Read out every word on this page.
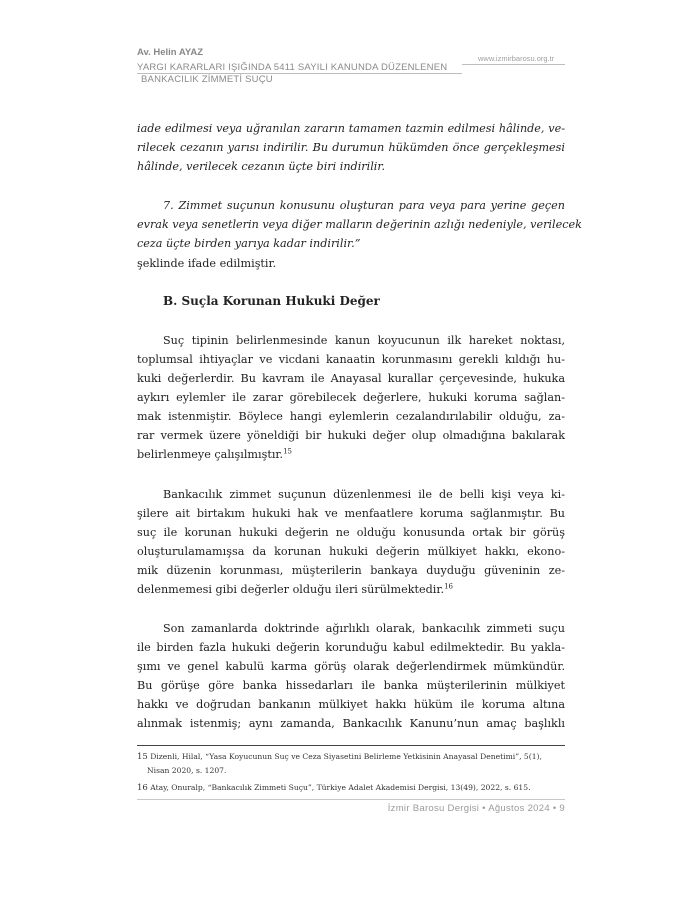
Av. Helin AYAZ
YARGI KARARLARI IŞIĞINDA 5411 SAYILI KANUNDA DÜZENLENEN
BANKACILIK ZİMMETİ SUÇU
www.izmirbarosu.org.tr
iade edilmesi veya uğranılan zararın tamamen tazmin edilmesi hâlinde, ve-
rilecek cezanın yarısı indirilir. Bu durumun hükümden önce gerçekleşmesi
hâlinde, verilecek cezanın üçte biri indirilir.
7. Zimmet suçunun konusunu oluşturan para veya para yerine geçen
evrak veya senetlerin veya diğer malların değerinin azlığı nedeniyle, verilecek
ceza üçte birden yarıya kadar indirilir.”
şeklinde ifade edilmiştir.
B. Suçla Korunan Hukuki Değer
Suç tipinin belirlenmesinde kanun koyucunun ilk hareket noktası,
toplumsal ihtiyaçlar ve vicdani kanaatin korunmasını gerekli kıldığı hu-
kuki değerlerdir. Bu kavram ile Anayasal kurallar çerçevesinde, hukuka
aykırı eylemler ile zarar görebilecek değerlere, hukuki koruma sağlan-
mak istenmiştir. Böylece hangi eylemlerin cezalandırılabilir olduğu, za-
rar vermek üzere yöneldiği bir hukuki değer olup olmadığına bakılarak
belirlenmeye çalışılmıştır.$^{15}$
Bankacılık zimmet suçunun düzenlenmesi ile de belli kişi veya ki-
şilere ait birtakım hukuki hak ve menfaatlere koruma sağlanmıştır. Bu
suç ile korunan hukuki değerin ne olduğu konusunda ortak bir görüş
oluşturulamamışsa da korunan hukuki değerin mülkiyet hakkı, ekono-
mik düzenin korunması, müşterilerin bankaya duyduğu güveninin ze-
delenmemesi gibi değerler olduğu ileri sürülmektedir.$^{16}$
Son zamanlarda doktrinde ağırlıklı olarak, bankacılık zimmeti suçu
ile birden fazla hukuki değerin korunduğu kabul edilmektedir. Bu yakla-
şımı ve genel kabulü karma görüş olarak değerlendirmek mümkündür.
Bu görüşe göre banka hissedarları ile banka müşterilerinin mülkiyet
hakkı ve doğrudan bankanın mülkiyet hakkı hüküm ile koruma altına
alınmak istenmiş; aynı zamanda, Bankacılık Kanunu’nun amaç başlıklı
15 Dizenli, Hilal, “Yasa Koyucunun Suç ve Ceza Siyasetini Belirleme Yetkisinin Anayasal Denetimi”, 5(1),
Nisan 2020, s. 1207.
16 Atay, Onuralp, “Bankacılık Zimmeti Suçu”, Türkiye Adalet Akademisi Dergisi, 13(49), 2022, s. 615.
İzmir Barosu Dergisi • Ağustos 2024 • 9
